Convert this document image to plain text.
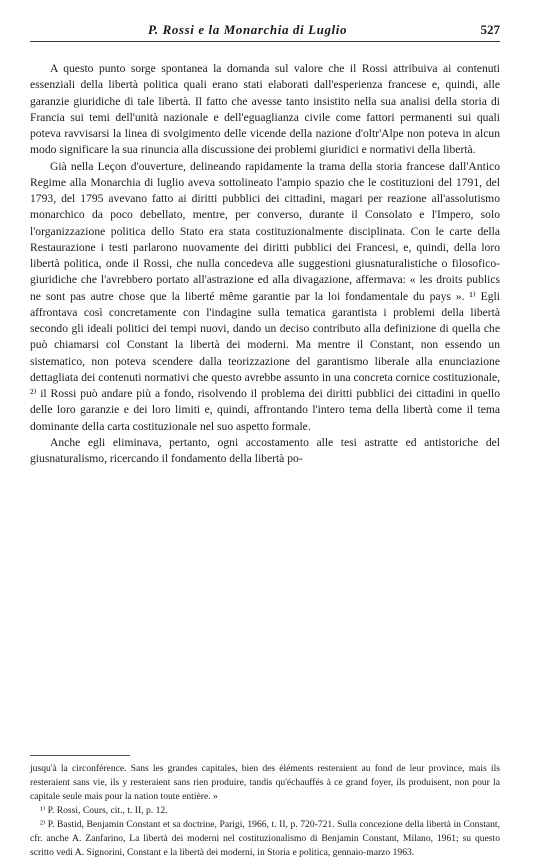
P. Rossi e la Monarchia di Luglio	527

A questo punto sorge spontanea la domanda sul valore che il Rossi attribuiva ai contenuti essenziali della libertà politica quali erano stati elaborati dall'esperienza francese e, quindi, alle garanzie giuridiche di tale libertà. Il fatto che avesse tanto insistito nella sua analisi della storia di Francia sui temi dell'unità nazionale e dell'eguaglianza civile come fattori permanenti sui quali poteva ravvisarsi la linea di svolgimento delle vicende della nazione d'oltr'Alpe non poteva in alcun modo significare la sua rinuncia alla discussione dei problemi giuridici e normativi della libertà.

Già nella Leçon d'ouverture, delineando rapidamente la trama della storia francese dall'Antico Regime alla Monarchia di luglio aveva sottolineato l'ampio spazio che le costituzioni del 1791, del 1793, del 1795 avevano fatto ai diritti pubblici dei cittadini, magari per reazione all'assolutismo monarchico da poco debellato, mentre, per converso, durante il Consolato e l'Impero, solo l'organizzazione politica dello Stato era stata costituzionalmente disciplinata. Con le carte della Restaurazione i testi parlarono nuovamente dei diritti pubblici dei Francesi, e, quindi, della loro libertà politica, onde il Rossi, che nulla concedeva alle suggestioni giusnaturalistiche o filosofico-giuridiche che l'avrebbero portato all'astrazione ed alla divagazione, affermava: « les droits publics ne sont pas autre chose que la liberté même garantie par la loi fondamentale du pays ». ¹⁾ Egli affrontava così concretamente con l'indagine sulla tematica garantista i problemi della libertà secondo gli ideali politici dei tempi nuovi, dando un deciso contributo alla definizione di quella che può chiamarsi col Constant la libertà dei moderni. Ma mentre il Constant, non essendo un sistematico, non poteva scendere dalla teorizzazione del garantismo liberale alla enunciazione dettagliata dei contenuti normativi che questo avrebbe assunto in una concreta cornice costituzionale, ²⁾ il Rossi può andare più a fondo, risolvendo il problema dei diritti pubblici dei cittadini in quello delle loro garanzie e dei loro limiti e, quindi, affrontando l'intero tema della libertà come il tema dominante della carta costituzionale nel suo aspetto formale.

Anche egli eliminava, pertanto, ogni accostamento alle tesi astratte ed antistoriche del giusnaturalismo, ricercando il fondamento della libertà po-

jusqu'à la circonférence. Sans les grandes capitales, bien des éléments resteraient au fond de leur province, mais ils resteraient sans vie, ils y resteraient sans rien produire, tandis qu'échauffés à ce grand foyer, ils produisent, non pour la capitale seule mais pour la nation toute entière. »

¹⁾ P. Rossi, Cours, cit., t. II, p. 12.

²⁾ P. Bastid, Benjamin Constant et sa doctrine, Parigi, 1966, t. II, p. 720-721. Sulla concezione della libertà in Constant, cfr. anche A. Zanfarino, La libertà dei moderni nel costituzionalismo di Benjamin Constant, Milano, 1961; su questo scritto vedi A. Signorini, Constant e la libertà dei moderni, in Storia e politica, gennaio-marzo 1963.
